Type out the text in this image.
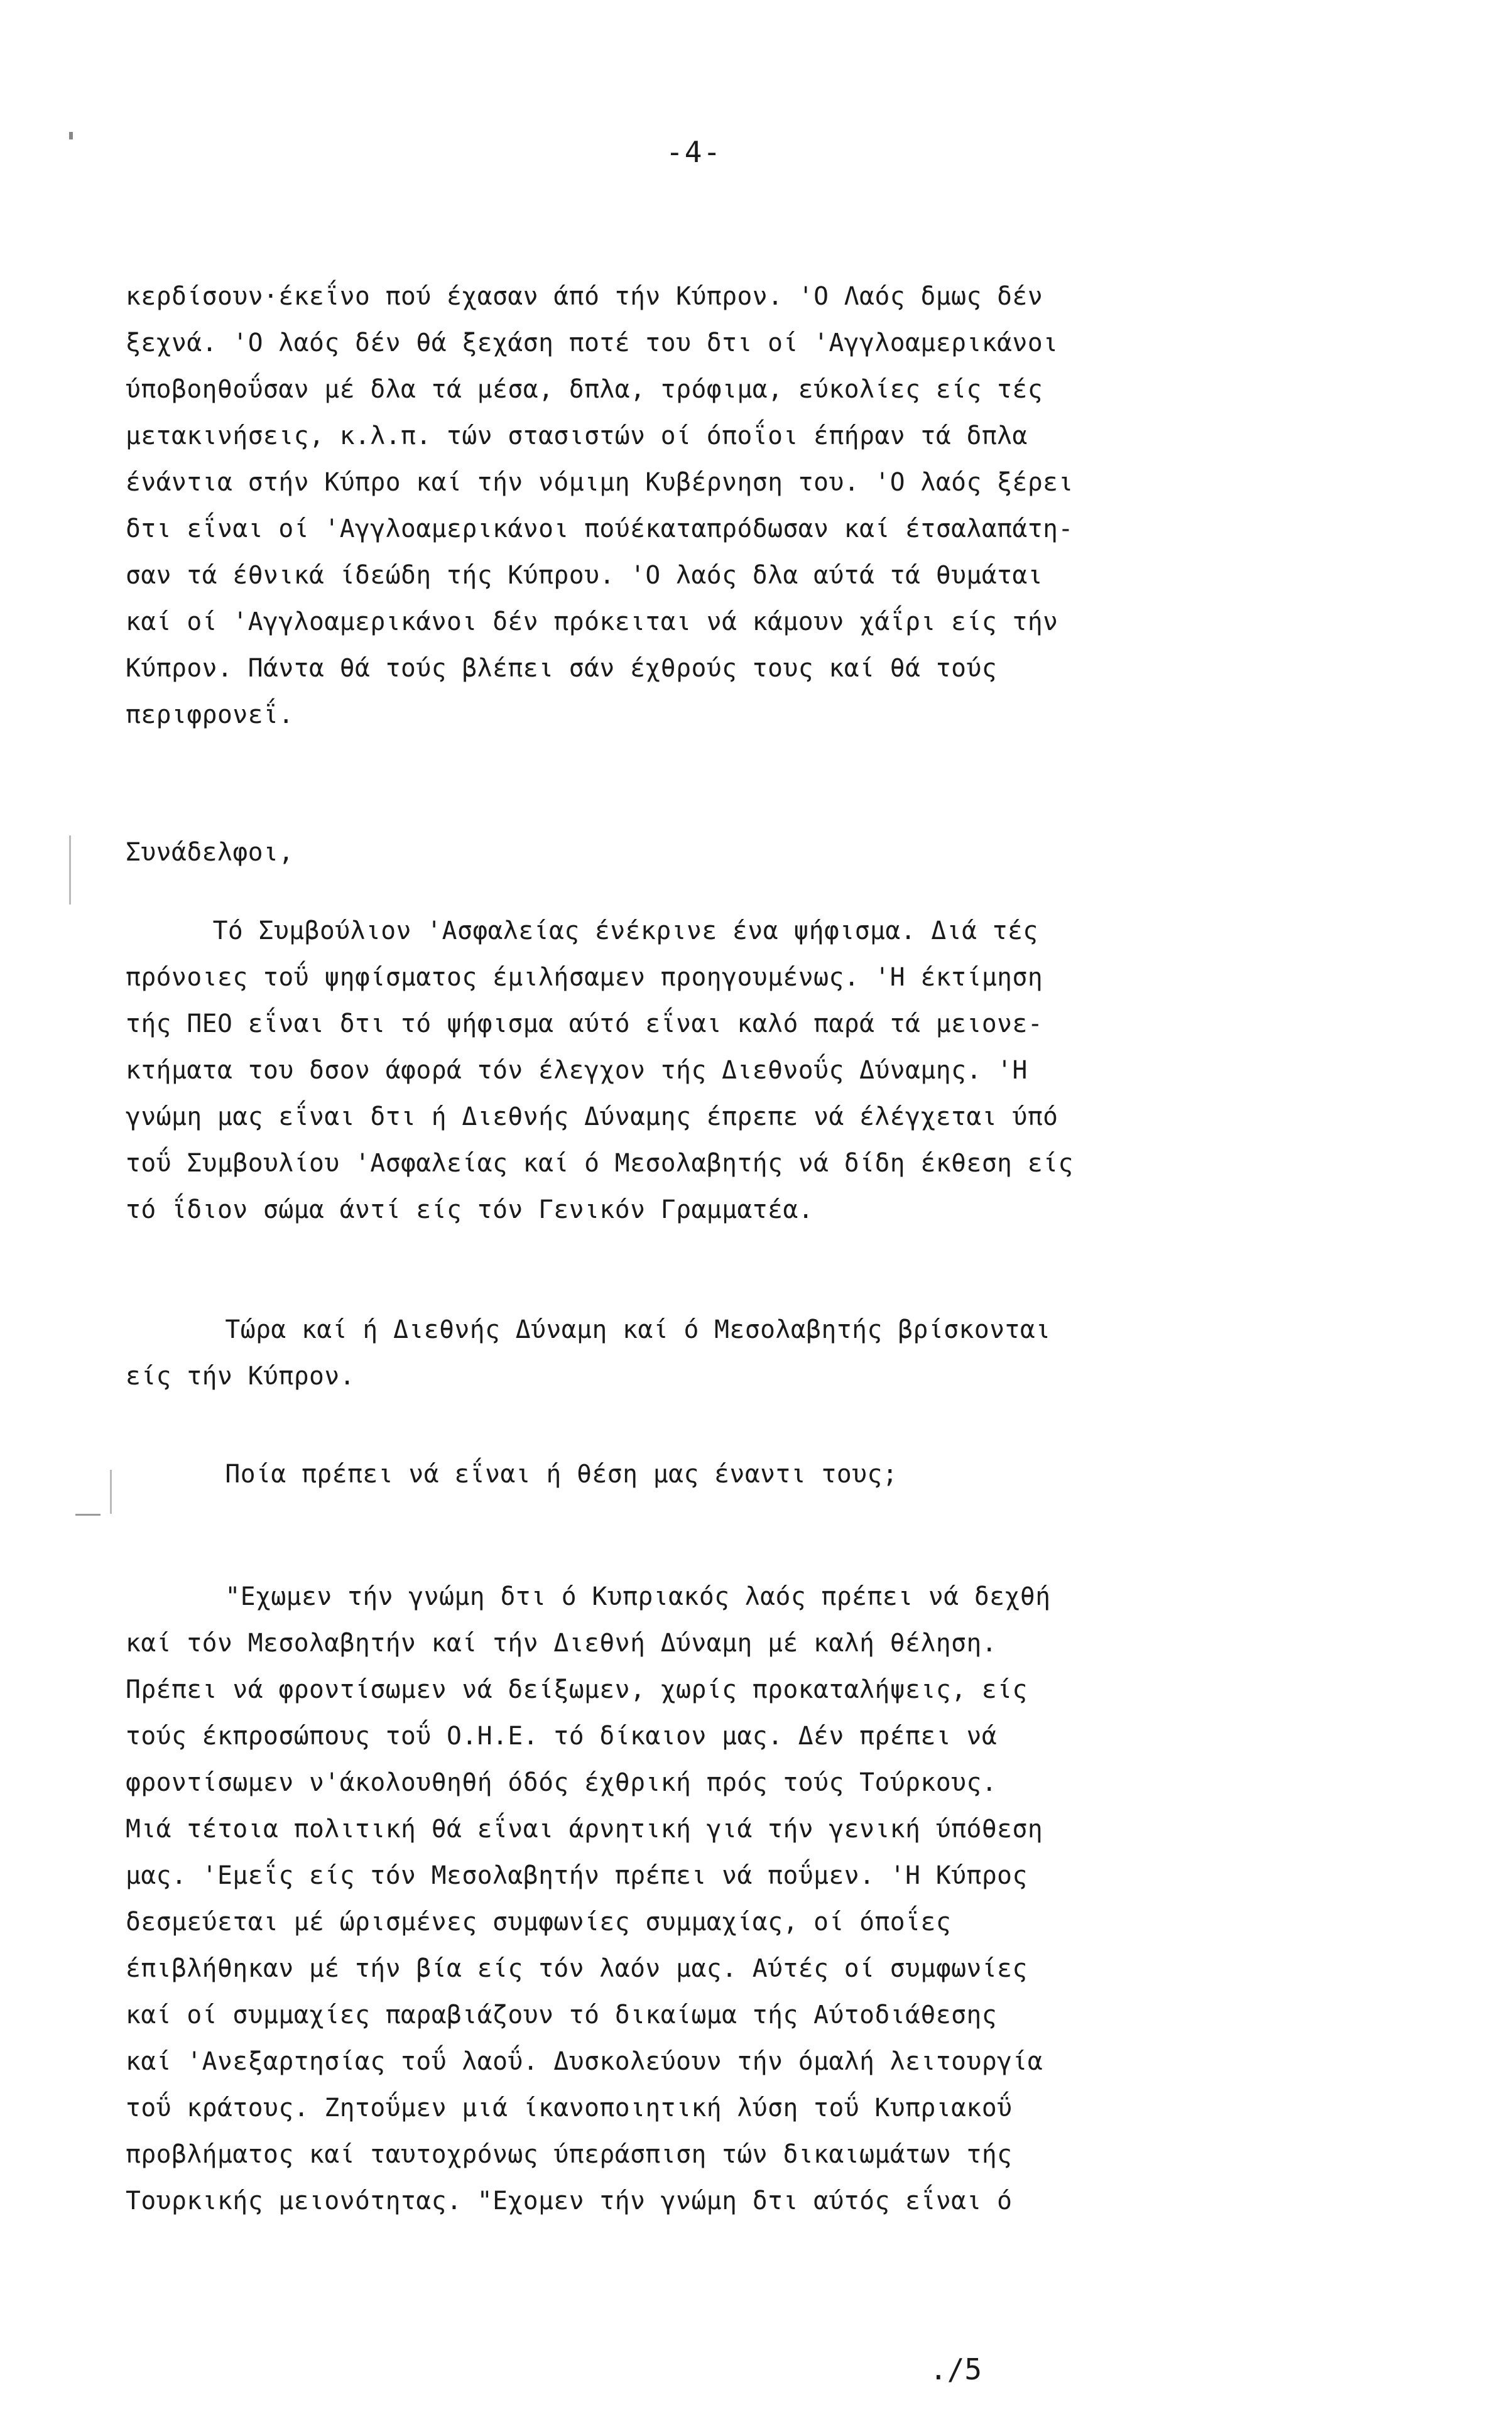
-4-
κερδίσουν·έκεΐνο πού έχασαν άπό τήν Κύπρον. 'Ο Λαός δμως δέν
ξεχνά. 'Ο λαός δέν θά ξεχάση ποτέ του δτι οί 'Αγγλοαμερικάνοι
ύποβοηθοΰσαν μέ δλα τά μέσα, δπλα, τρόφιμα, εύκολίες είς τές
μετακινήσεις, κ.λ.π. τών στασιστών οί όποΐοι έπήραν τά δπλα
ένάντια στήν Κύπρο καί τήν νόμιμη Κυβέρνηση του. 'Ο λαός ξέρει
δτι εΐναι οί 'Αγγλοαμερικάνοι πούέκαταπρόδωσαν καί έτσαλαπάτη-
σαν τά έθνικά ίδεώδη τής Κύπρου. 'Ο λαός δλα αύτά τά θυμάται
καί οί 'Αγγλοαμερικάνοι δέν πρόκειται νά κάμουν χάΐρι είς τήν
Κύπρον. Πάντα θά τούς βλέπει σάν έχθρούς τους καί θά τούς
περιφρονεΐ.
Συνάδελφοι,
Τό Συμβούλιον 'Ασφαλείας ένέκρινε ένα ψήφισμα. Διά τές
πρόνοιες τοΰ ψηφίσματος έμιλήσαμεν προηγουμένως. 'Η έκτίμηση
τής ΠΕΟ εΐναι δτι τό ψήφισμα αύτό εΐναι καλό παρά τά μειονε-
κτήματα του δσον άφορά τόν έλεγχον τής Διεθνοΰς Δύναμης. 'Η
γνώμη μας εΐναι δτι ή Διεθνής Δύναμης έπρεπε νά έλέγχεται ύπό
τοΰ Συμβουλίου 'Ασφαλείας καί ό Μεσολαβητής νά δίδη έκθεση είς
τό ΐδιον σώμα άντί είς τόν Γενικόν Γραμματέα.
Τώρα καί ή Διεθνής Δύναμη καί ό Μεσολαβητής βρίσκονται
είς τήν Κύπρον.
Ποία πρέπει νά εΐναι ή θέση μας έναντι τους;
"Εχωμεν τήν γνώμη δτι ό Κυπριακός λαός πρέπει νά δεχθή
καί τόν Μεσολαβητήν καί τήν Διεθνή Δύναμη μέ καλή θέληση.
Πρέπει νά φροντίσωμεν νά δείξωμεν, χωρίς προκαταλήψεις, είς
τούς έκπροσώπους τοΰ Ο.Η.Ε. τό δίκαιον μας. Δέν πρέπει νά
φροντίσωμεν ν'άκολουθηθή όδός έχθρική πρός τούς Τούρκους.
Μιά τέτοια πολιτική θά εΐναι άρνητική γιά τήν γενική ύπόθεση
μας. 'Εμεΐς είς τόν Μεσολαβητήν πρέπει νά ποΰμεν. 'Η Κύπρος
δεσμεύεται μέ ώρισμένες συμφωνίες συμμαχίας, οί όποΐες
έπιβλήθηκαν μέ τήν βία είς τόν λαόν μας. Αύτές οί συμφωνίες
καί οί συμμαχίες παραβιάζουν τό δικαίωμα τής Αύτοδιάθεσης
καί 'Ανεξαρτησίας τοΰ λαοΰ. Δυσκολεύουν τήν όμαλή λειτουργία
τοΰ κράτους. Ζητοΰμεν μιά ίκανοποιητική λύση τοΰ Κυπριακοΰ
προβλήματος καί ταυτοχρόνως ύπεράσπιση τών δικαιωμάτων τής
Τουρκικής μειονότητας. "Εχομεν τήν γνώμη δτι αύτός εΐναι ό
./5
